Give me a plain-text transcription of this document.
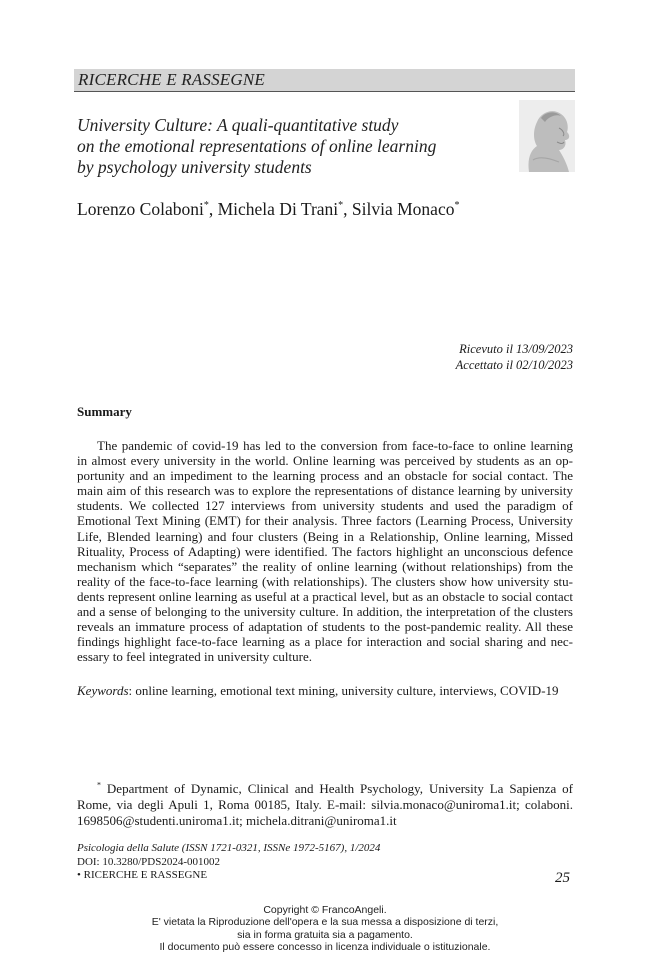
RICERCHE E RASSEGNE
University Culture: A quali-quantitative study
on the emotional representations of online learning
by psychology university students
Lorenzo Colaboni*, Michela Di Trani*, Silvia Monaco*
Ricevuto il 13/09/2023
Accettato il 02/10/2023
Summary
The pandemic of covid-19 has led to the conversion from face-to-face to online learning
in almost every university in the world. Online learning was perceived by students as an op-
portunity and an impediment to the learning process and an obstacle for social contact. The
main aim of this research was to explore the representations of distance learning by university
students. We collected 127 interviews from university students and used the paradigm of
Emotional Text Mining (EMT) for their analysis. Three factors (Learning Process, University
Life, Blended learning) and four clusters (Being in a Relationship, Online learning, Missed
Rituality, Process of Adapting) were identified. The factors highlight an unconscious defence
mechanism which “separates” the reality of online learning (without relationships) from the
reality of the face-to-face learning (with relationships). The clusters show how university stu-
dents represent online learning as useful at a practical level, but as an obstacle to social contact
and a sense of belonging to the university culture. In addition, the interpretation of the clusters
reveals an immature process of adaptation of students to the post-pandemic reality. All these
findings highlight face-to-face learning as a place for interaction and social sharing and nec-
essary to feel integrated in university culture.
Keywords: online learning, emotional text mining, university culture, interviews, COVID-19
* Department of Dynamic, Clinical and Health Psychology, University La Sapienza of
Rome, via degli Apuli 1, Roma 00185, Italy. E-mail: silvia.monaco@uniroma1.it; colaboni.
1698506@studenti.uniroma1.it; michela.ditrani@uniroma1.it
Psicologia della Salute (ISSN 1721-0321, ISSNe 1972-5167), 1/2024
DOI: 10.3280/PDS2024-001002
• RICERCHE E RASSEGNE	25
Copyright © FrancoAngeli.
E' vietata la Riproduzione dell'opera e la sua messa a disposizione di terzi,
sia in forma gratuita sia a pagamento.
Il documento può essere concesso in licenza individuale o istituzionale.
